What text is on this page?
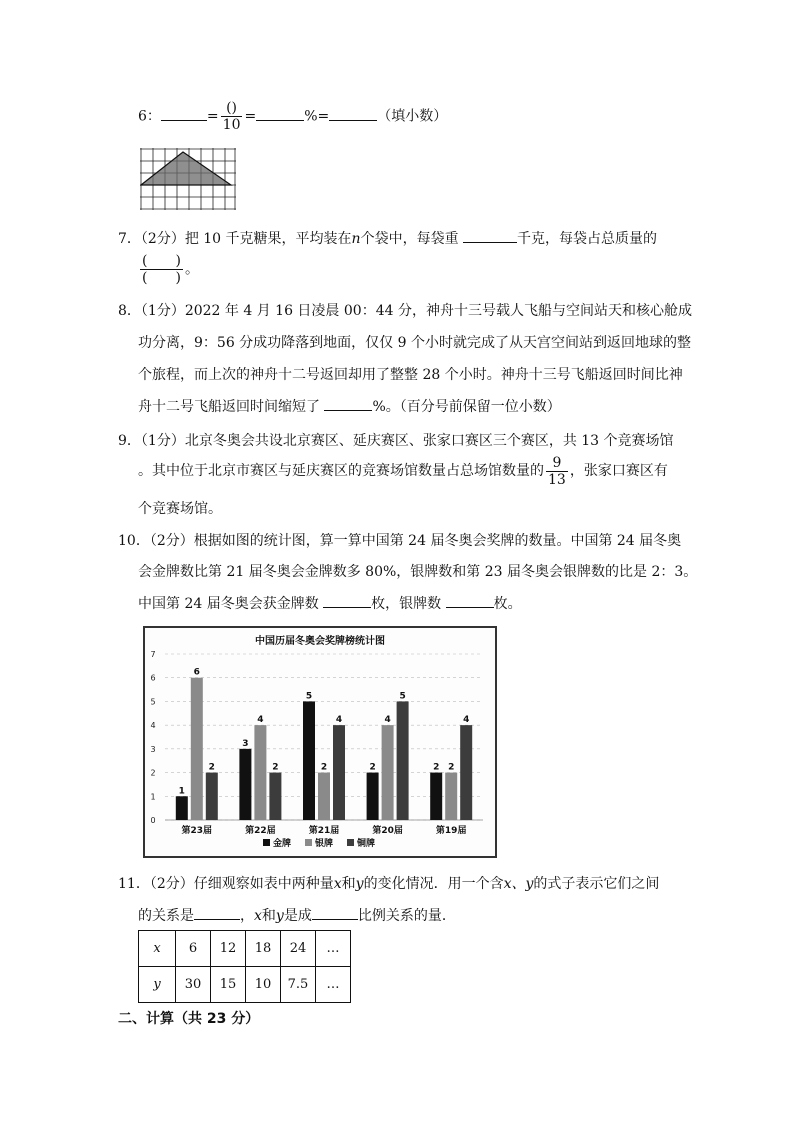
6：	= $\frac{()}{10}$ =	%=	（填小数）
7．（2分）把 10 千克糖果，平均装在n个袋中，每袋重	千克，每袋占总质量的
$\frac{( )}{( )}$ 。
8．（1分）2022 年 4 月 16 日凌晨 00：44 分，神舟十三号载人飞船与空间站天和核心舱成
功分离，9：56 分成功降落到地面，仅仅 9 个小时就完成了从天宫空间站到返回地球的整
个旅程，而上次的神舟十二号返回却用了整整 28 个小时。神舟十三号飞船返回时间比神
舟十二号飞船返回时间缩短了	%。（百分号前保留一位小数）
9．（1分）北京冬奥会共设北京赛区、延庆赛区、张家口赛区三个赛区，共 13 个竞赛场馆
。其中位于北京市赛区与延庆赛区的竞赛场馆数量占总场馆数量的 $\frac{9}{13}$ ，张家口赛区有
个竞赛场馆。
10．（2分）根据如图的统计图，算一算中国第 24 届冬奥会奖牌的数量。中国第 24 届冬奥
会金牌数比第 21 届冬奥会金牌数多 80%，银牌数和第 23 届冬奥会银牌数的比是 2：3。
中国第 24 届冬奥会获金牌数	枚，银牌数	枚。
中国历届冬奥会奖牌榜统计图
0
1
2
3
4
5
6
7
1
6
2
3
4
2
5
2
4
2
4
5
2 2
4
第23届	第22届	第21届	第20届	第19届
金牌	银牌	铜牌
11．（2分）仔细观察如表中两种量x和y的变化情况．用一个含x、y的式子表示它们之间
的关系是	，x和y是成	比例关系的量．
x	6	12	18	24	…
y	30	15	10	7.5	…
二、计算（共 23 分）
